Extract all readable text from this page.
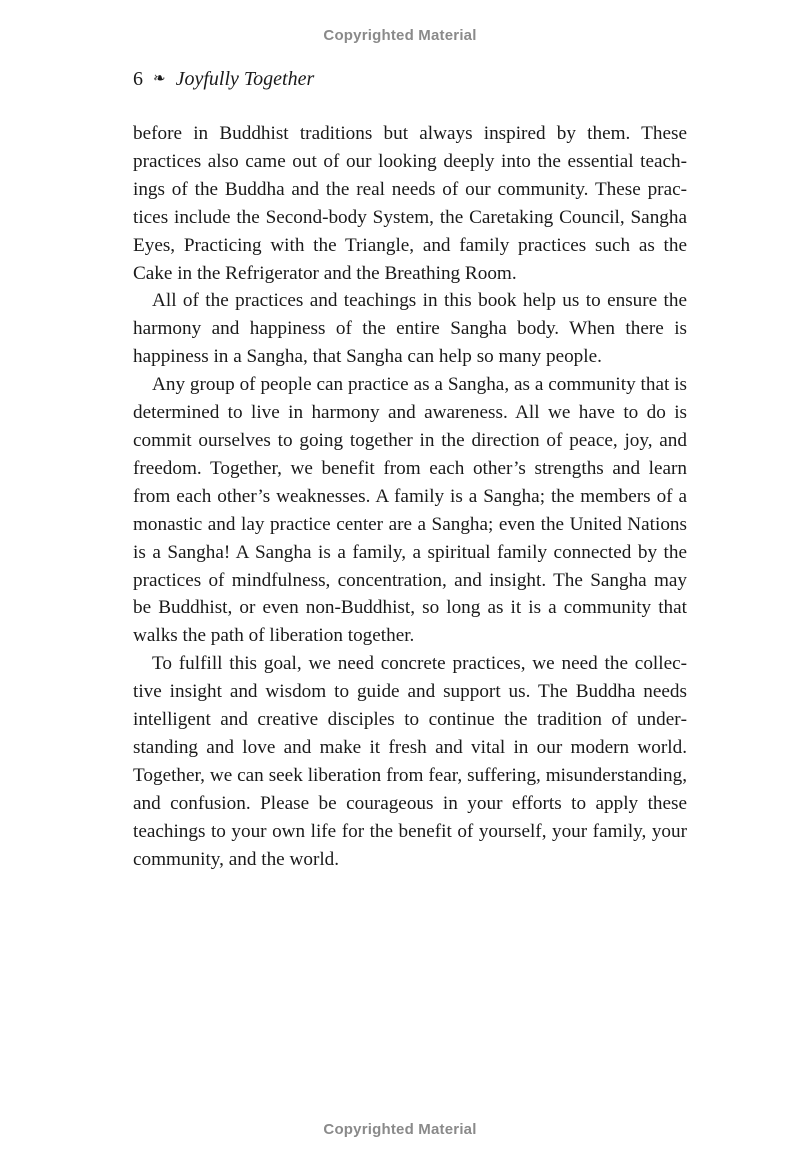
Copyrighted Material
6 ❧ Joyfully Together

before in Buddhist traditions but always inspired by them. These practices also came out of our looking deeply into the essential teachings of the Buddha and the real needs of our community. These practices include the Second-body System, the Caretaking Council, Sangha Eyes, Practicing with the Triangle, and family practices such as the Cake in the Refrigerator and the Breathing Room.

All of the practices and teachings in this book help us to ensure the harmony and happiness of the entire Sangha body. When there is happiness in a Sangha, that Sangha can help so many people.

Any group of people can practice as a Sangha, as a community that is determined to live in harmony and awareness. All we have to do is commit ourselves to going together in the direction of peace, joy, and freedom. Together, we benefit from each other’s strengths and learn from each other’s weaknesses. A family is a Sangha; the members of a monastic and lay practice center are a Sangha; even the United Nations is a Sangha! A Sangha is a family, a spiritual family connected by the practices of mindfulness, concentration, and insight. The Sangha may be Buddhist, or even non-Buddhist, so long as it is a community that walks the path of liberation together.

To fulfill this goal, we need concrete practices, we need the collective insight and wisdom to guide and support us. The Buddha needs intelligent and creative disciples to continue the tradition of understanding and love and make it fresh and vital in our modern world. Together, we can seek liberation from fear, suffering, misunderstanding, and confusion. Please be courageous in your efforts to apply these teachings to your own life for the benefit of yourself, your family, your community, and the world.

Copyrighted Material
